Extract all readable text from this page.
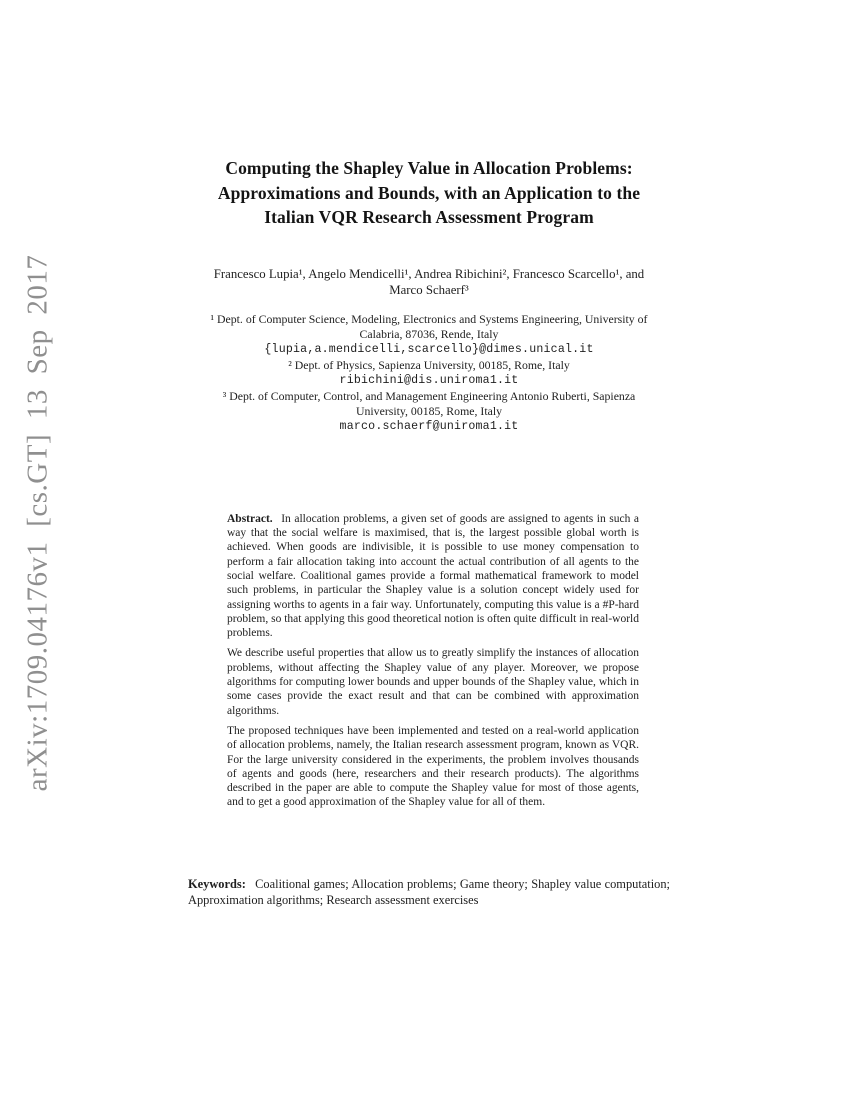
arXiv:1709.04176v1 [cs.GT] 13 Sep 2017
Computing the Shapley Value in Allocation Problems:
Approximations and Bounds, with an Application to the
Italian VQR Research Assessment Program
Francesco Lupia¹, Angelo Mendicelli¹, Andrea Ribichini², Francesco Scarcello¹, and
Marco Schaerf³
¹ Dept. of Computer Science, Modeling, Electronics and Systems Engineering, University of
Calabria, 87036, Rende, Italy
{lupia,a.mendicelli,scarcello}@dimes.unical.it
² Dept. of Physics, Sapienza University, 00185, Rome, Italy
ribichini@dis.uniroma1.it
³ Dept. of Computer, Control, and Management Engineering Antonio Ruberti, Sapienza
University, 00185, Rome, Italy
marco.schaerf@uniroma1.it

Abstract. In allocation problems, a given set of goods are assigned to agents in such a way that the social welfare is maximised, that is, the largest possible global worth is achieved. When goods are indivisible, it is possible to use money compensation to perform a fair allocation taking into account the actual contribution of all agents to the social welfare. Coalitional games provide a formal mathematical framework to model such problems, in particular the Shapley value is a solution concept widely used for assigning worths to agents in a fair way. Unfortunately, computing this value is a #P-hard problem, so that applying this good theoretical notion is often quite difficult in real-world problems.

We describe useful properties that allow us to greatly simplify the instances of allocation problems, without affecting the Shapley value of any player. Moreover, we propose algorithms for computing lower bounds and upper bounds of the Shapley value, which in some cases provide the exact result and that can be combined with approximation algorithms.

The proposed techniques have been implemented and tested on a real-world application of allocation problems, namely, the Italian research assessment program, known as VQR. For the large university considered in the experiments, the problem involves thousands of agents and goods (here, researchers and their research products). The algorithms described in the paper are able to compute the Shapley value for most of those agents, and to get a good approximation of the Shapley value for all of them.

Keywords: Coalitional games; Allocation problems; Game theory; Shapley value computation; Approximation algorithms; Research assessment exercises
